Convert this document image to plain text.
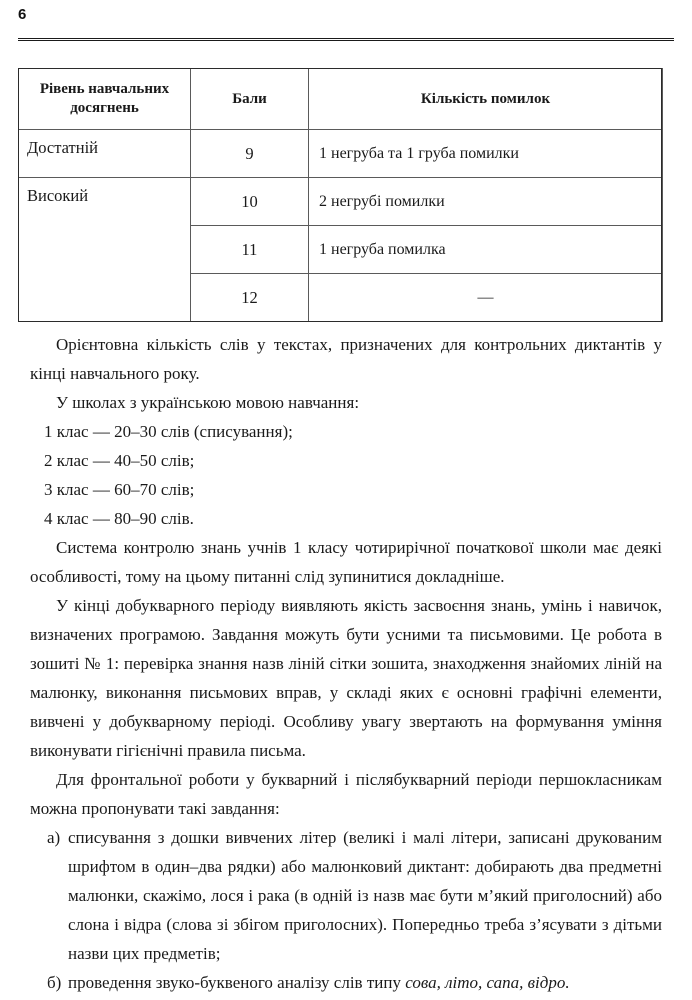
6
Рівень навчальних досягнень	Бали	Кількість помилок
Достатній	9	1 негруба та 1 груба помилки
Високий	10	2 негрубі помилки
	11	1 негруба помилка
	12	—

Орієнтовна кількість слів у текстах, призначених для контрольних диктантів у кінці навчального року.

У школах з українською мовою навчання:

1 клас — 20–30 слів (списування);

2 клас — 40–50 слів;

3 клас — 60–70 слів;

4 клас — 80–90 слів.

Система контролю знань учнів 1 класу чотирирічної початкової школи має деякі особливості, тому на цьому питанні слід зупинитися докладніше.

У кінці добукварного періоду виявляють якість засвоєння знань, умінь і навичок, визначених програмою. Завдання можуть бути усними та письмовими. Це робота в зошиті № 1: перевірка знання назв ліній сітки зошита, знаходження знайомих ліній на малюнку, виконання письмових вправ, у складі яких є основні графічні елементи, вивчені у добукварному періоді. Особливу увагу звертають на формування уміння виконувати гігієнічні правила письма.

Для фронтальної роботи у букварний і післябукварний періоди першокласникам можна пропонувати такі завдання:

а) списування з дошки вивчених літер (великі і малі літери, записані друкованим шрифтом в один–два рядки) або малюнковий диктант: добирають два предметні малюнки, скажімо, лося і рака (в одній із назв має бути м’який приголосний) або слона і відра (слова зі збігом приголосних). Попередньо треба з’ясувати з дітьми назви цих предметів;
б) проведення звуко-буквеного аналізу слів типу сова, літо, сапа, відро.
